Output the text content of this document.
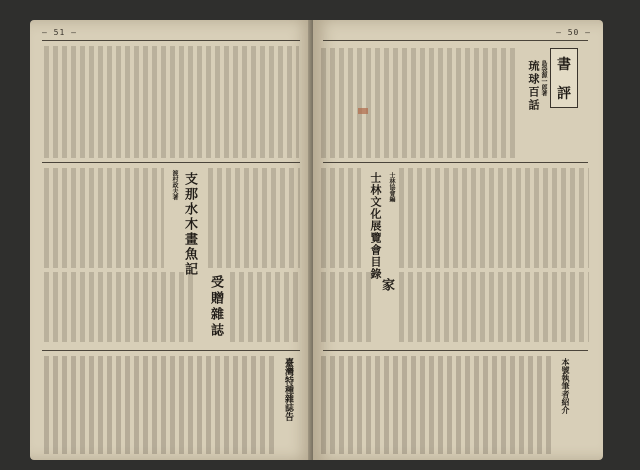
— 51 —
渡村政夫著 支那水木畫魚記
受贈雜誌
臺灣特種雜誌告
— 50 —
書
評
島袋源一郎著
琉球百話
士林協會編
士林文化展覽會目錄
家
本號執筆者紹介
